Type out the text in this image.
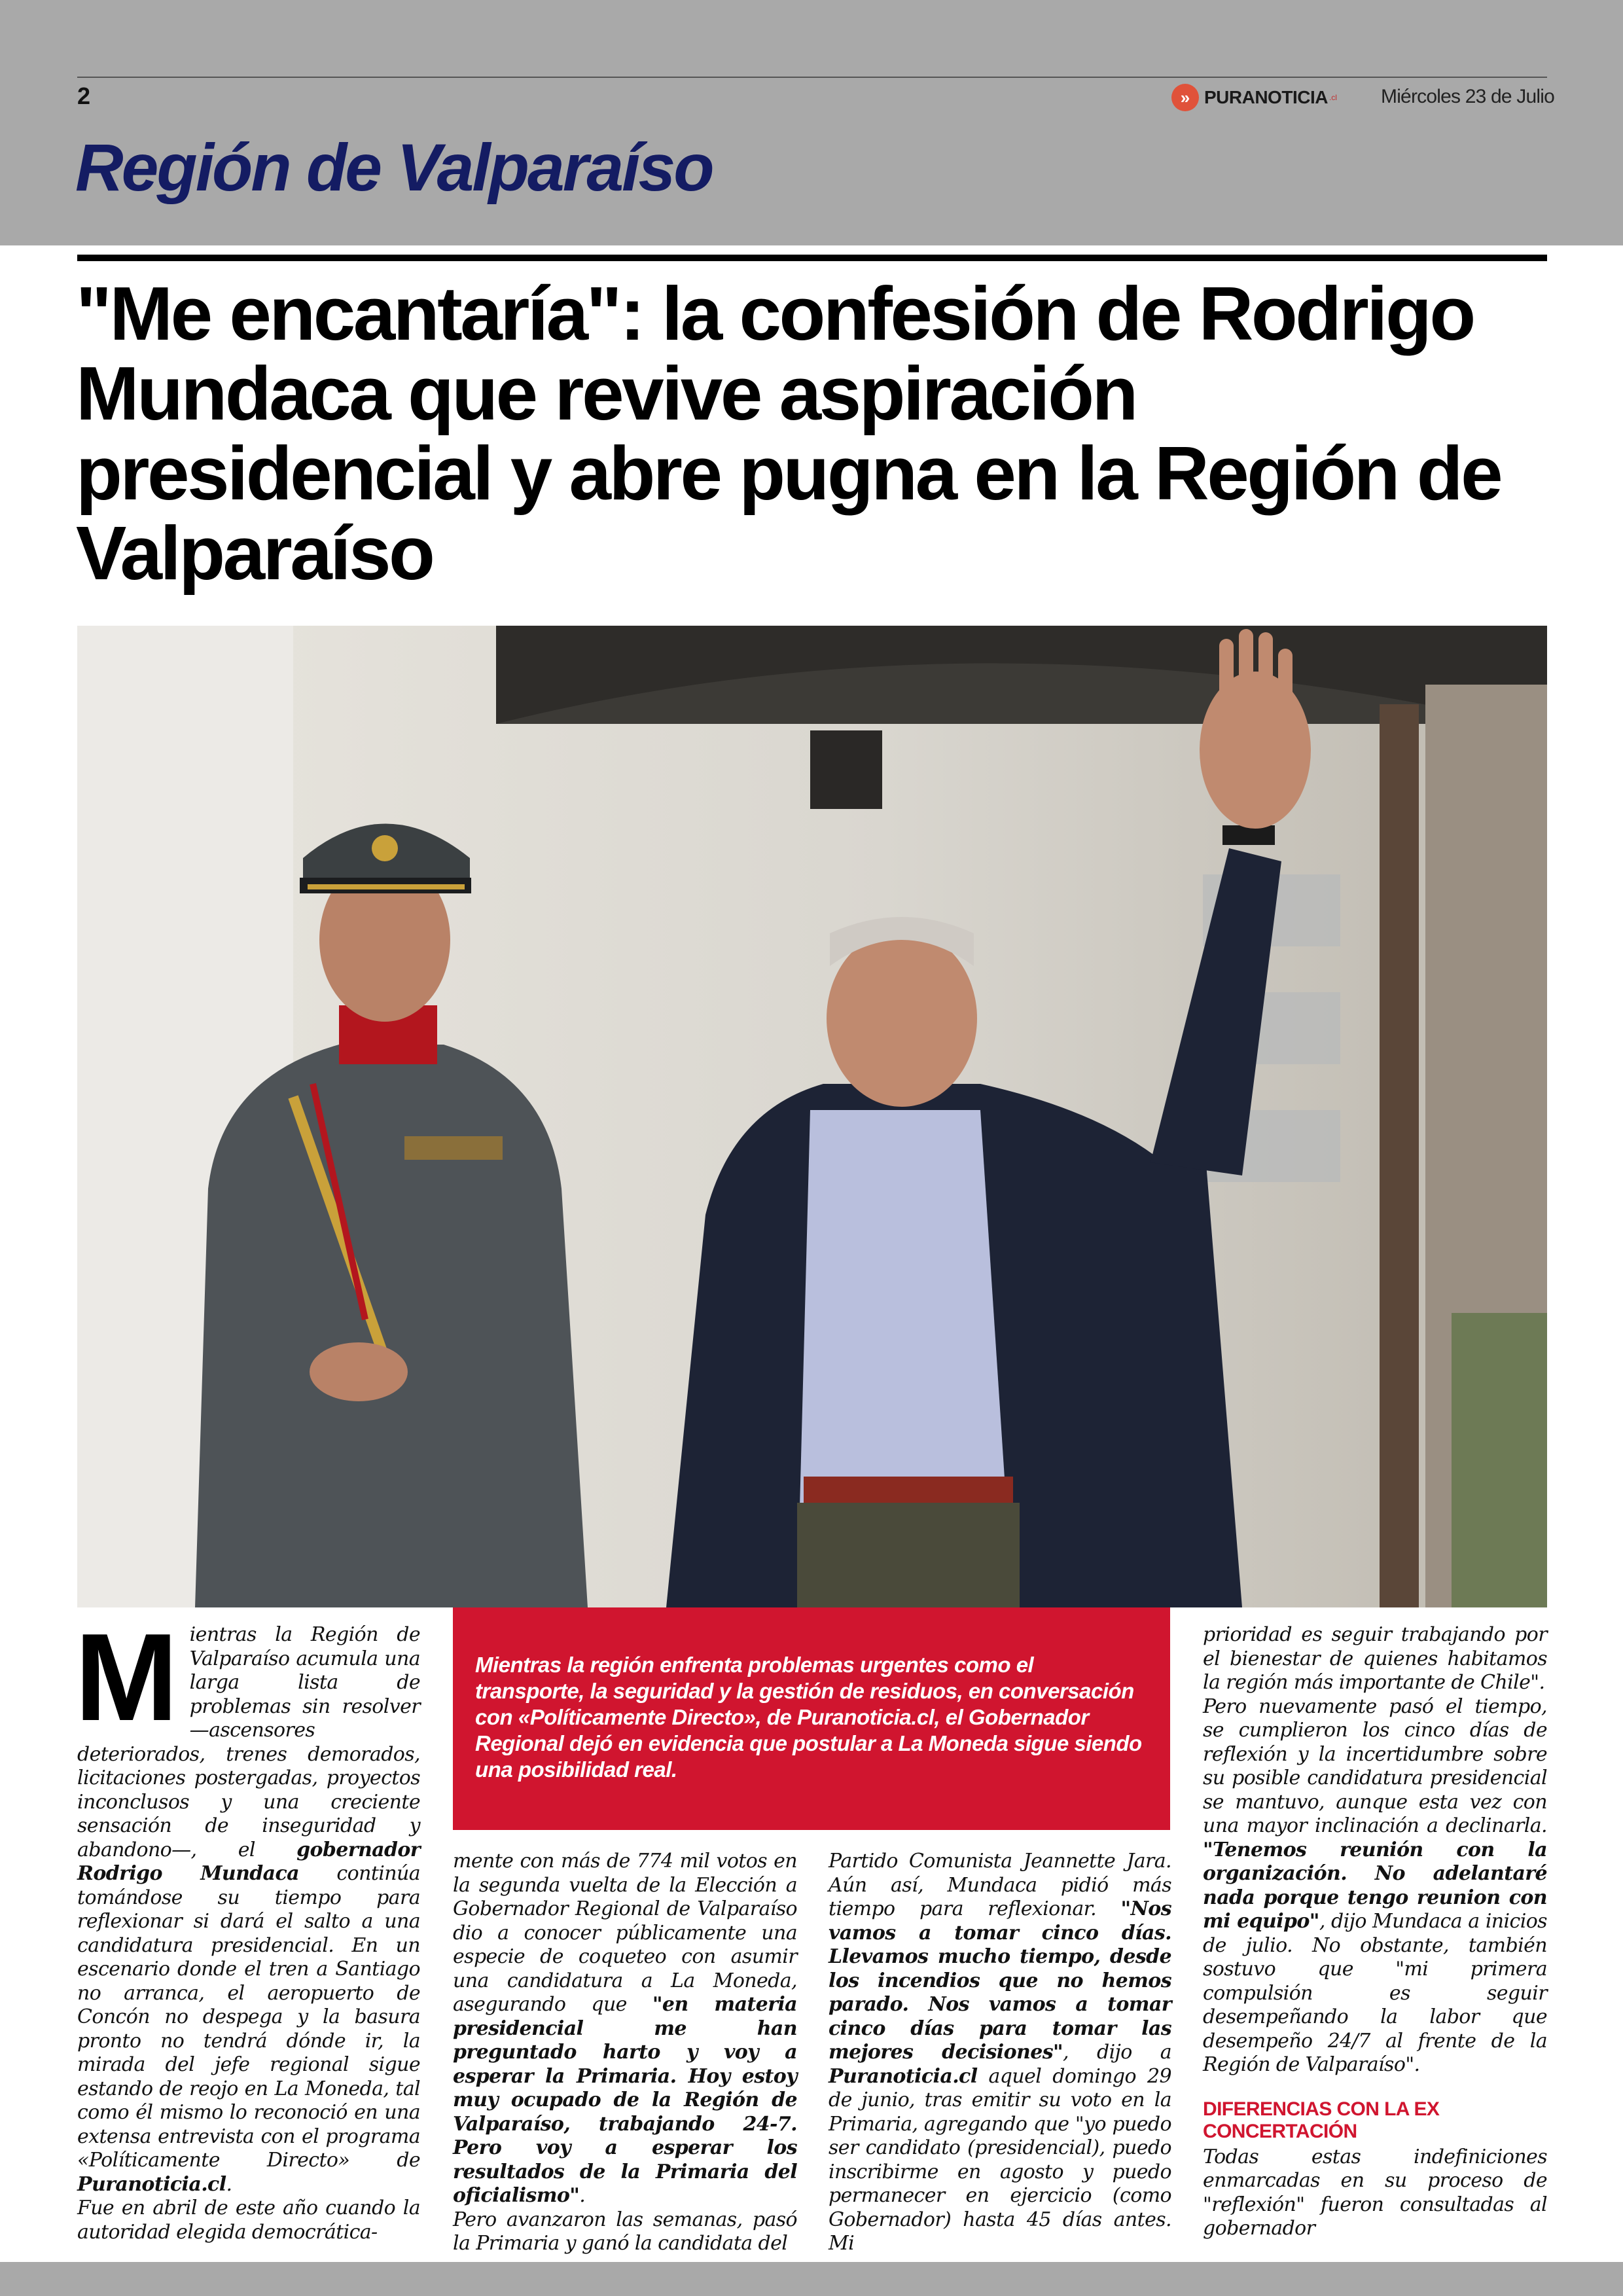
2	» PURANOTICIA .cl Miércoles 23 de Julio
Región de Valparaíso
"Me encantaría": la confesión de Rodrigo Mundaca que revive aspiración presidencial y abre pugna en la Región de Valparaíso

Mientras la región enfrenta problemas urgentes como el transporte, la seguridad y la gestión de residuos, en conversación con «Políticamente Directo», de Puranoticia.cl, el Gobernador Regional dejó en evidencia que postular a La Moneda sigue siendo una posibilidad real.

Mientras la Región de Valparaíso acumula una larga lista de problemas sin resolver —ascensores deteriorados, trenes demorados, licitaciones postergadas, proyectos inconclusos y una creciente sensación de inseguridad y abandono—, el gobernador Rodrigo Mundaca continúa tomándose su tiempo para reflexionar si dará el salto a una candidatura presidencial. En un escenario donde el tren a Santiago no arranca, el aeropuerto de Concón no despega y la basura pronto no tendrá dónde ir, la mirada del jefe regional sigue estando de reojo en La Moneda, tal como él mismo lo reconoció en una extensa entrevista con el programa «Políticamente Directo» de Puranoticia.cl.

Fue en abril de este año cuando la autoridad elegida democrática-

mente con más de 774 mil votos en la segunda vuelta de la Elección a Gobernador Regional de Valparaíso dio a conocer públicamente una especie de coqueteo con asumir una candidatura a La Moneda, asegurando que "en materia presidencial me han preguntado harto y voy a esperar la Primaria. Hoy estoy muy ocupado de la Región de Valparaíso, trabajando 24-7. Pero voy a esperar los resultados de la Primaria del oficialismo".

Pero avanzaron las semanas, pasó la Primaria y ganó la candidata del

Partido Comunista Jeannette Jara. Aún así, Mundaca pidió más tiempo para reflexionar. "Nos vamos a tomar cinco días. Llevamos mucho tiempo, desde los incendios que no hemos parado. Nos vamos a tomar cinco días para tomar las mejores decisiones", dijo a Puranoticia.cl aquel domingo 29 de junio, tras emitir su voto en la Primaria, agregando que "yo puedo ser candidato (presidencial), puedo inscribirme en agosto y puedo permanecer en ejercicio (como Gobernador) hasta 45 días antes. Mi

prioridad es seguir trabajando por el bienestar de quienes habitamos la región más importante de Chile".

Pero nuevamente pasó el tiempo, se cumplieron los cinco días de reflexión y la incertidumbre sobre su posible candidatura presidencial se mantuvo, aunque esta vez con una mayor inclinación a declinarla. "Tenemos reunión con la organización. No adelantaré nada porque tengo reunion con mi equipo", dijo Mundaca a inicios de julio. No obstante, también sostuvo que "mi primera compulsión es seguir desempeñando la labor que desempeño 24/7 al frente de la Región de Valparaíso".

DIFERENCIAS CON LA EX CONCERTACIÓN

Todas estas indefiniciones enmarcadas en su proceso de "reflexión" fueron consultadas al gobernador
